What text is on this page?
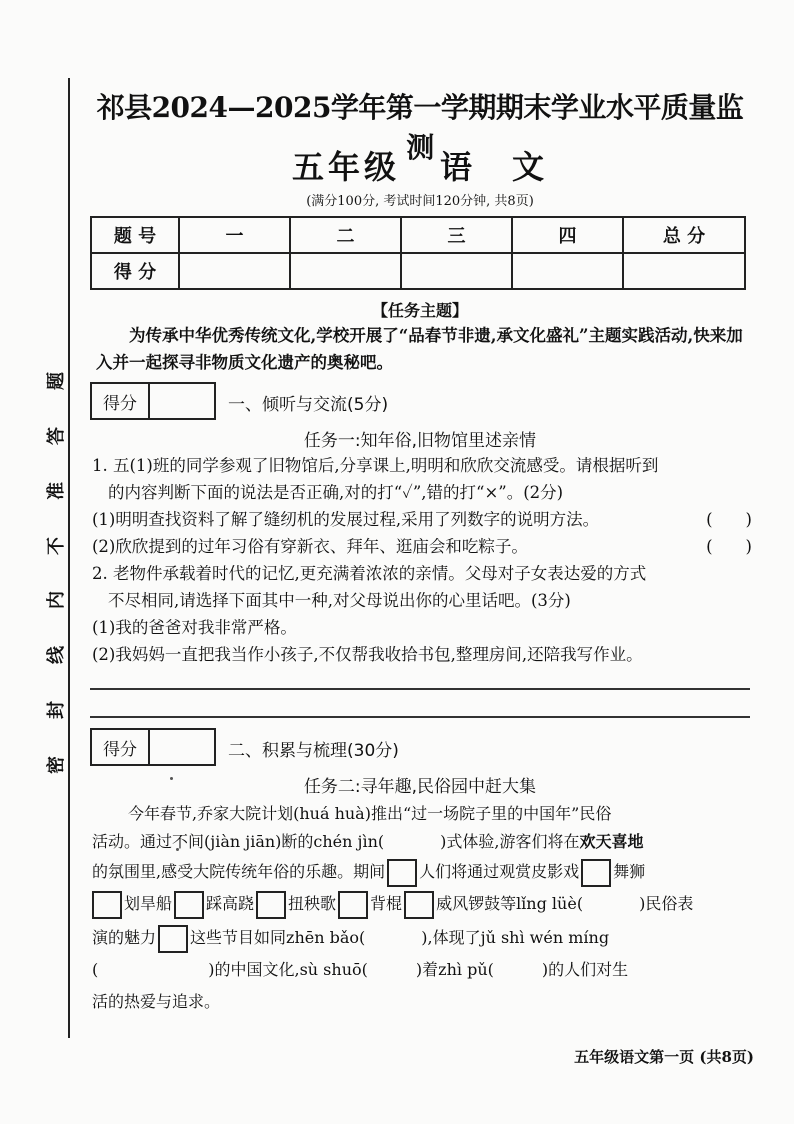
题
答
准
不
内
线
封
密
祁县2024—2025学年第一学期期末学业水平质量监测
五年级 语　文
(满分100分, 考试时间120分钟, 共8页)
题 号	一	二	三	四	总 分
得 分					
【任务主题】
为传承中华优秀传统文化,学校开展了“品春节非遗,承文化盛礼”主题实践活动,快来加入并一起探寻非物质文化遗产的奥秘吧。
得分	一、倾听与交流(5分)
任务一:知年俗,旧物馆里述亲情
1. 五(1)班的同学参观了旧物馆后,分享课上,明明和欣欣交流感受。请根据听到
的内容判断下面的说法是否正确,对的打“✓”,错的打“×”。(2分)
(1)明明查找资料了解了缝纫机的发展过程,采用了列数字的说明方法。	(　　)
(2)欣欣提到的过年习俗有穿新衣、拜年、逛庙会和吃粽子。	(　　)
2. 老物件承载着时代的记忆,更充满着浓浓的亲情。父母对子女表达爱的方式
不尽相同,请选择下面其中一种,对父母说出你的心里话吧。(3分)
(1)我的爸爸对我非常严格。
(2)我妈妈一直把我当作小孩子,不仅帮我收拾书包,整理房间,还陪我写作业。
得分	二、积累与梳理(30分)
任务二:寻年趣,民俗园中赶大集
今年春节,乔家大院计划(huá huà)推出“过一场院子里的中国年”民俗
活动。通过不间(jiàn jiān)断的chén jìn(	)式体验,游客们将在欢天喜地
的氛围里,感受大院传统年俗的乐趣。期间 人们将通过观赏皮影戏 舞狮
划旱船 踩高跷 扭秧歌 背棍 威风锣鼓等lǐng lüè(	)民俗表
演的魅力 这些节目如同zhēn bǎo(	),体现了jǔ shì wén míng
(	)的中国文化,sù shuō(	)着zhì pǔ(	)的人们对生
活的热爱与追求。
五年级语文第一页 (共8页)
